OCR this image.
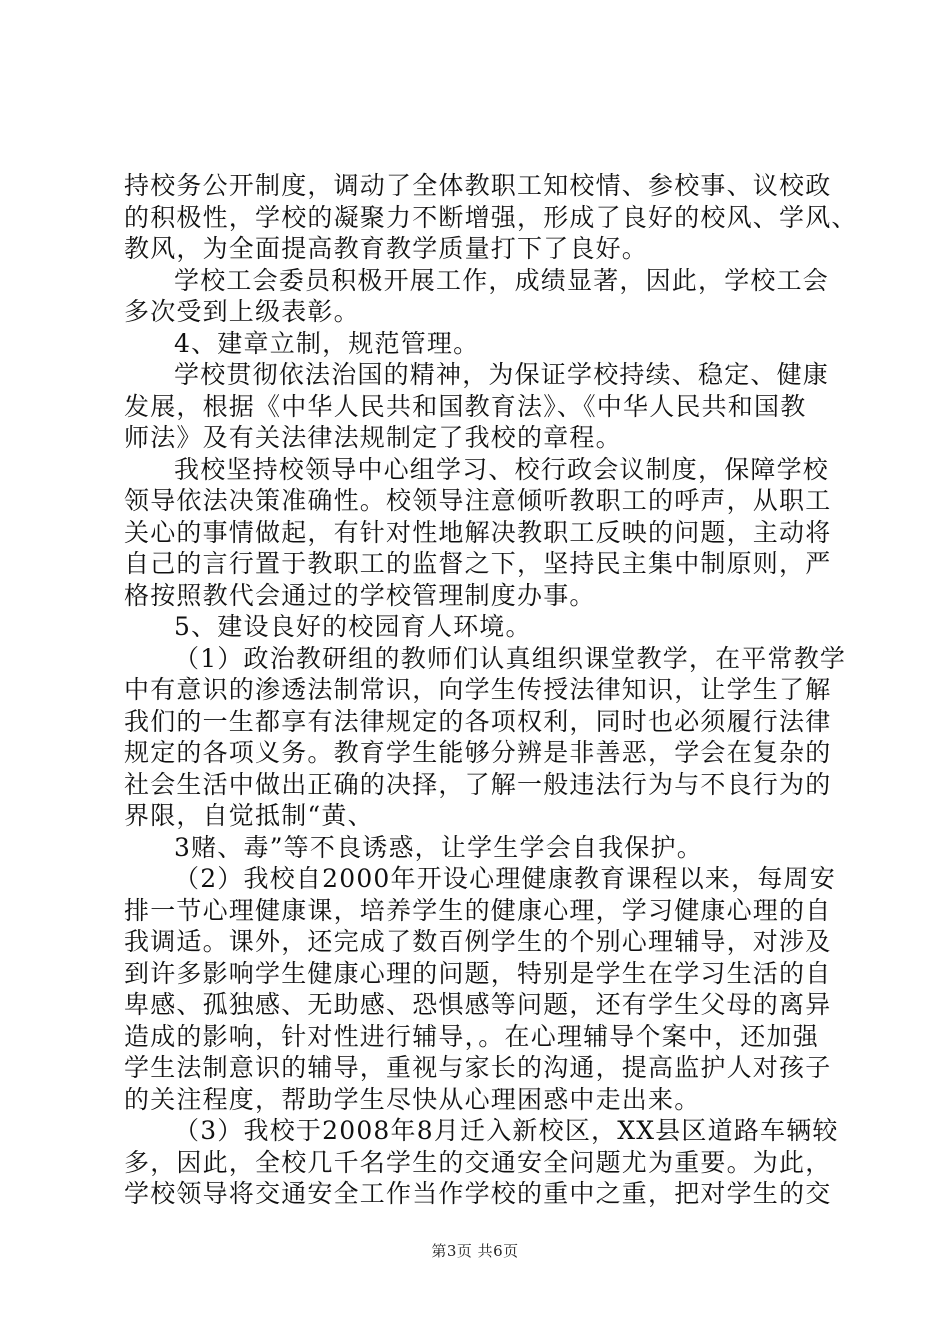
持校务公开制度，调动了全体教职工知校情、参校事、议校政
的积极性，学校的凝聚力不断增强，形成了良好的校风、学风、
教风，为全面提高教育教学质量打下了良好。
学校工会委员积极开展工作，成绩显著，因此，学校工会
多次受到上级表彰。
4、建章立制，规范管理。
学校贯彻依法治国的精神，为保证学校持续、稳定、健康
发展，根据《中华人民共和国教育法》、《中华人民共和国教
师法》及有关法律法规制定了我校的章程。
我校坚持校领导中心组学习、校行政会议制度，保障学校
领导依法决策准确性。校领导注意倾听教职工的呼声，从职工
关心的事情做起，有针对性地解决教职工反映的问题，主动将
自己的言行置于教职工的监督之下，坚持民主集中制原则，严
格按照教代会通过的学校管理制度办事。
5、建设良好的校园育人环境。
（1）政治教研组的教师们认真组织课堂教学，在平常教学
中有意识的渗透法制常识，向学生传授法律知识，让学生了解
我们的一生都享有法律规定的各项权利，同时也必须履行法律
规定的各项义务。教育学生能够分辨是非善恶，学会在复杂的
社会生活中做出正确的决择，了解一般违法行为与不良行为的
界限，自觉抵制“黄、
3赌、毒”等不良诱惑，让学生学会自我保护。
（2）我校自2000年开设心理健康教育课程以来，每周安
排一节心理健康课，培养学生的健康心理，学习健康心理的自
我调适。课外，还完成了数百例学生的个别心理辅导，对涉及
到许多影响学生健康心理的问题，特别是学生在学习生活的自
卑感、孤独感、无助感、恐惧感等问题，还有学生父母的离异
造成的影响，针对性进行辅导，。在心理辅导个案中，还加强
学生法制意识的辅导，重视与家长的沟通，提高监护人对孩子
的关注程度，帮助学生尽快从心理困惑中走出来。
（3）我校于2008年8月迁入新校区，XX县区道路车辆较
多，因此，全校几千名学生的交通安全问题尤为重要。为此，
学校领导将交通安全工作当作学校的重中之重，把对学生的交
第3页 共6页
